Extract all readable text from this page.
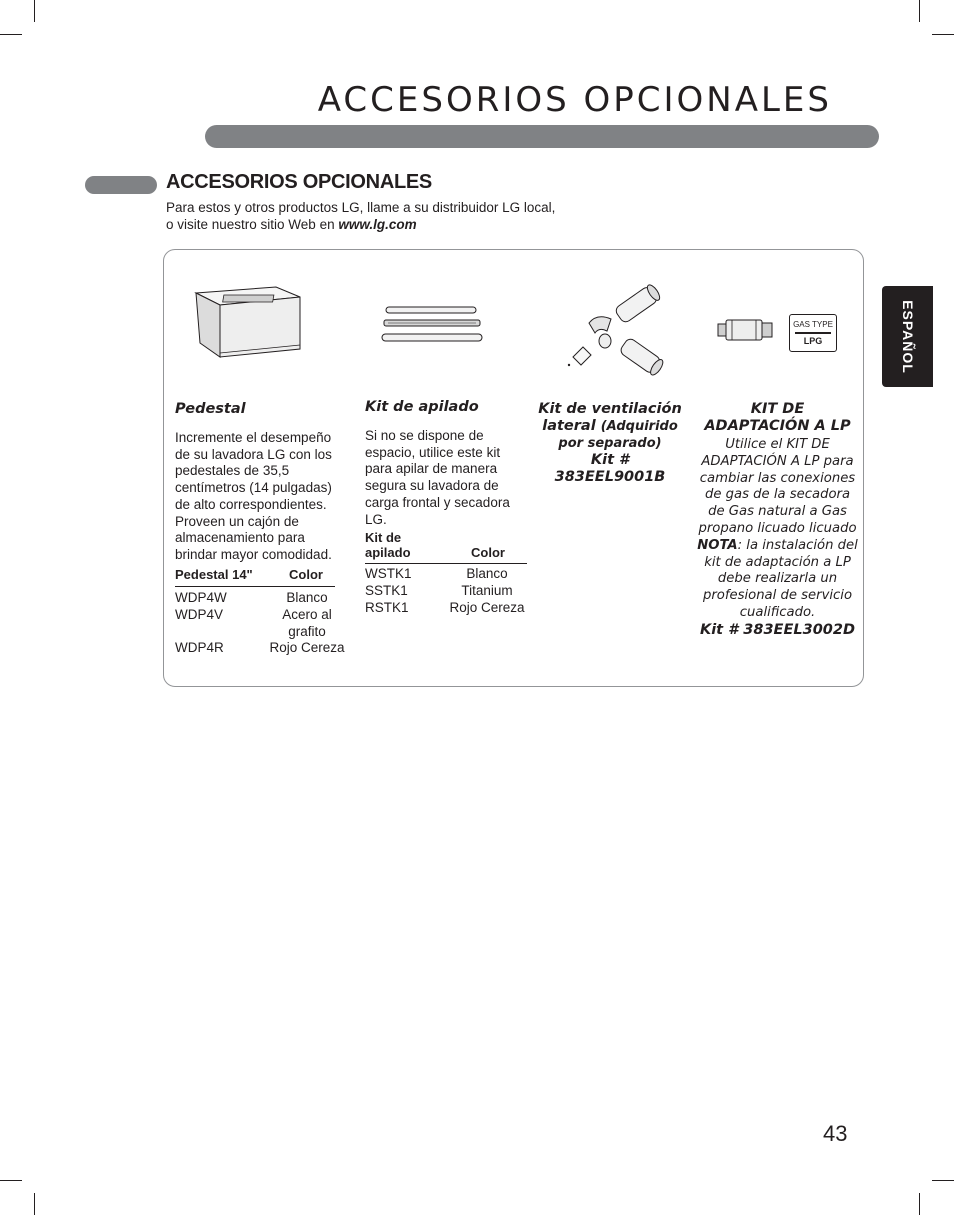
ACCESORIOS OPCIONALES
ACCESORIOS OPCIONALES
Para estos y otros productos LG, llame a su distribuidor LG local,
o visite nuestro sitio Web en www.lg.com
ESPAÑOL
GAS TYPE
LPG
Pedestal
Incremente el desempeño de su lavadora LG con los pedestales de 35,5 centímetros (14 pulgadas) de alto correspondientes. Proveen un cajón de almacenamiento para brindar mayor comodidad.
Pedestal 14"	Color
WDP4W	Blanco
WDP4V	Acero al grafito
WDP4R	Rojo Cereza
Kit de apilado
Si no se dispone de espacio, utilice este kit para apilar de manera segura su lavadora de carga frontal y secadora LG.
Kit de apilado	Color
WSTK1	Blanco
SSTK1	Titanium
RSTK1	Rojo Cereza
Kit de ventilación lateral (Adquirido por separado)
Kit # 383EEL9001B
KIT DE ADAPTACIÓN A LP
Utilice el KIT DE ADAPTACIÓN A LP para cambiar las conexiones de gas de la secadora de Gas natural a Gas propano licuado licuado
NOTA: la instalación del kit de adaptación a LP debe realizarla un profesional de servicio cualificado.
Kit # 383EEL3002D
43
